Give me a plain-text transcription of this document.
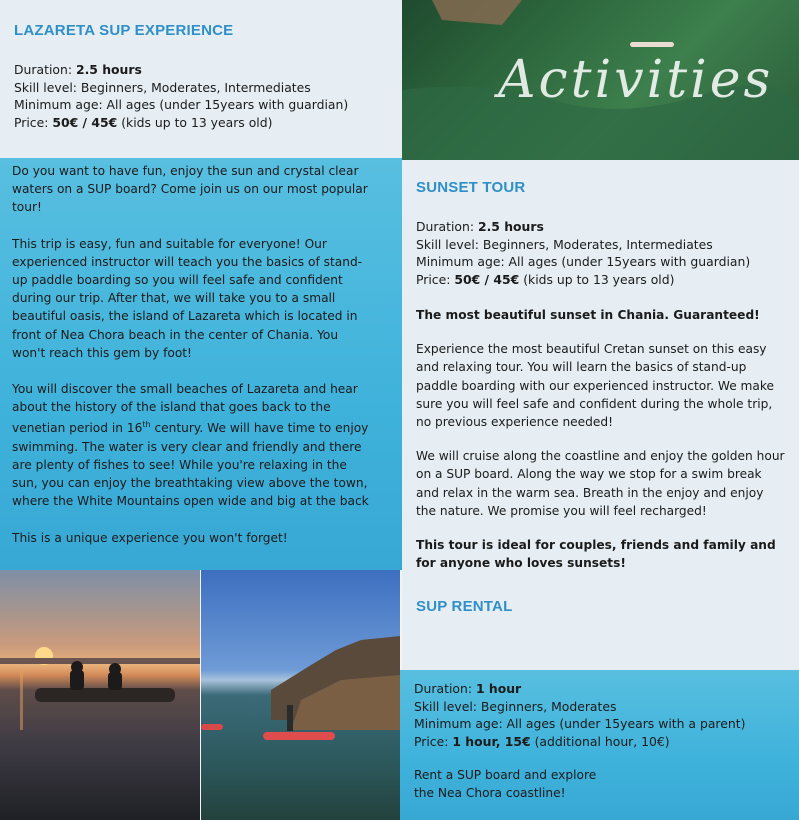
LAZARETA SUP EXPERIENCE
Duration: 2.5 hours
Skill level: Beginners, Moderates, Intermediates
Minimum age: All ages (under 15years with guardian)
Price: 50€ / 45€ (kids up to 13 years old)

Do you want to have fun, enjoy the sun and crystal clear waters on a SUP board? Come join us on our most popular tour!

This trip is easy, fun and suitable for everyone! Our experienced instructor will teach you the basics of stand-up paddle boarding so you will feel safe and confident during our trip. After that, we will take you to a small beautiful oasis, the island of Lazareta which is located in front of Nea Chora beach in the center of Chania. You won't reach this gem by foot!

You will discover the small beaches of Lazareta and hear about the history of the island that goes back to the venetian period in 16th century. We will have time to enjoy swimming. The water is very clear and friendly and there are plenty of fishes to see! While you're relaxing in the sun, you can enjoy the breathtaking view above the town, where the White Mountains open wide and big at the back

This is a unique experience you won't forget!

Activities
SUNSET TOUR
Duration: 2.5 hours
Skill level: Beginners, Moderates, Intermediates
Minimum age: All ages (under 15years with guardian)
Price: 50€ / 45€ (kids up to 13 years old)

The most beautiful sunset in Chania. Guaranteed!

Experience the most beautiful Cretan sunset on this easy and relaxing tour. You will learn the basics of stand-up paddle boarding with our experienced instructor. We make sure you will feel safe and confident during the whole trip, no previous experience needed!

We will cruise along the coastline and enjoy the golden hour on a SUP board. Along the way we stop for a swim break and relax in the warm sea. Breath in the enjoy and enjoy the nature. We promise you will feel recharged!

This tour is ideal for couples, friends and family and for anyone who loves sunsets!

SUP RENTAL
Duration: 1 hour
Skill level: Beginners, Moderates
Minimum age: All ages (under 15years with a parent)
Price: 1 hour, 15€ (additional hour, 10€)

Rent a SUP board and explore the Nea Chora coastline!
